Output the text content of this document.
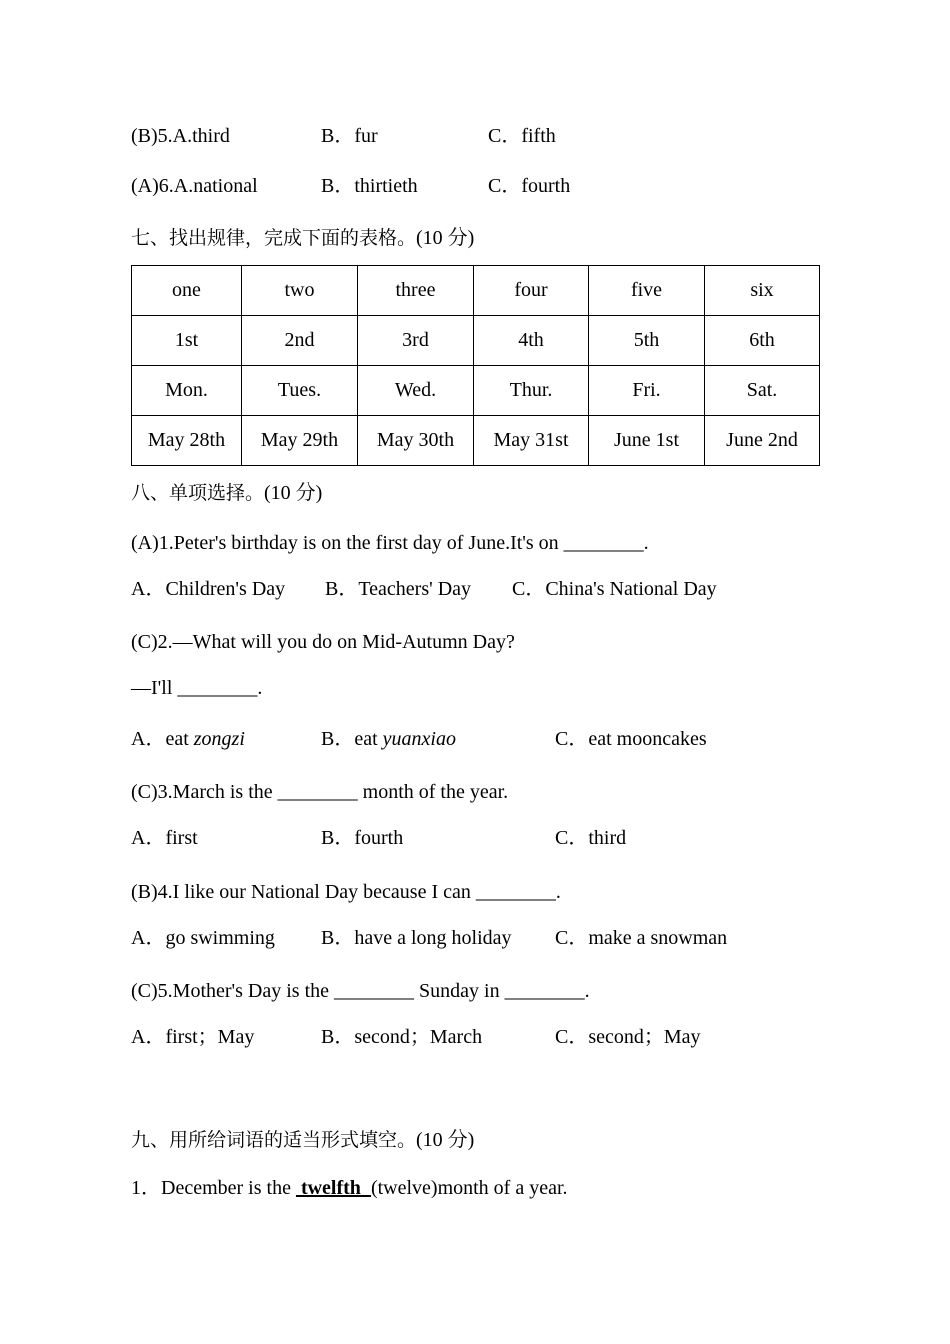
(B)5.A.third	B．fur	C．fifth
(A)6.A.national	B．thirtieth	C．fourth
七、找出规律，完成下面的表格。(10 分)
one	two	three	four	five	six
1st	2nd	3rd	4th	5th	6th
Mon.	Tues.	Wed.	Thur.	Fri.	Sat.
May 28th	May 29th	May 30th	May 31st	June 1st	June 2nd
八、单项选择。(10 分)
(A)1.Peter's birthday is on the first day of June.It's on ________.
A．Children's Day B．Teachers' Day C．China's National Day
(C)2.—What will you do on Mid-Autumn Day?
—I'll ________.
A．eat zongzi	B．eat yuanxiao	C．eat mooncakes
(C)3.March is the ________ month of the year.
A．first	B．fourth	C．third
(B)4.I like our National Day because I can ________.
A．go swimming B．have a long holiday C．make a snowman
(C)5.Mother's Day is the ________ Sunday in ________.
A．first；May	B．second；March	C．second；May
九、用所给词语的适当形式填空。(10 分)
1．December is the  twelfth  (twelve)month of a year.
